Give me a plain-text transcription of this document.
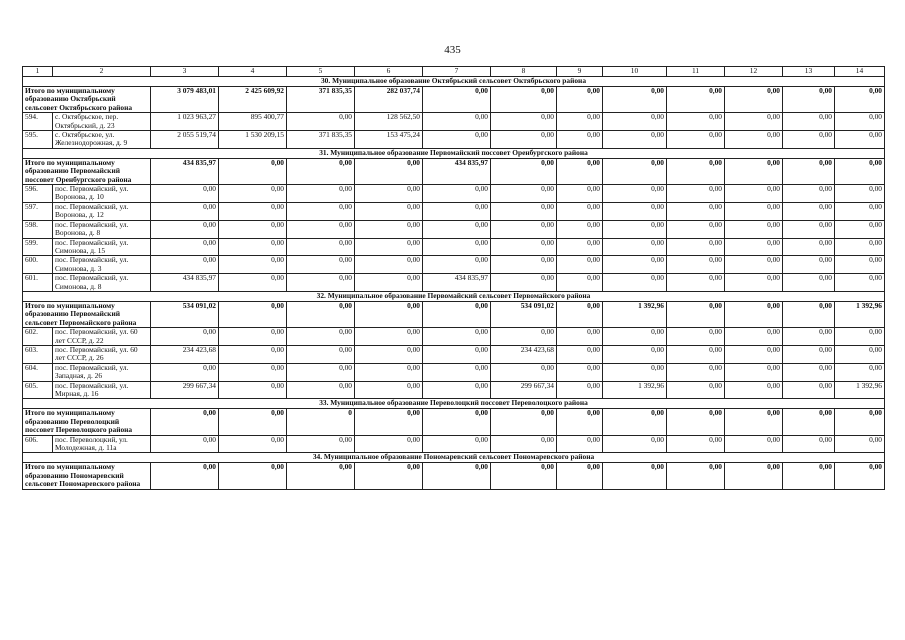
435
1	2	3	4	5	6	7	8	9	10	11	12	13	14
30. Муниципальное образование Октябрьский сельсовет Октябрьского района													
Итого по муниципальному образованию Октябрьский сельсовет Октябрьского района		3 079 483,01	2 425 609,92	371 835,35	282 037,74	0,00	0,00	0,00	0,00	0,00	0,00	0,00	0,00
594.	с. Октябрьское, пер. Октябрьский, д. 23	1 023 963,27	895 400,77	0,00	128 562,50	0,00	0,00	0,00	0,00	0,00	0,00	0,00	0,00
595.	с. Октябрьское, ул. Железнодорожная, д. 9	2 055 519,74	1 530 209,15	371 835,35	153 475,24	0,00	0,00	0,00	0,00	0,00	0,00	0,00	0,00
31. Муниципальное образование Первомайский поссовет Оренбургского района													
Итого по муниципальному образованию Первомайский поссовет Оренбургского района		434 835,97	0,00	0,00	0,00	434 835,97	0,00	0,00	0,00	0,00	0,00	0,00	0,00
596.	пос. Первомайский, ул. Воронова, д. 10	0,00	0,00	0,00	0,00	0,00	0,00	0,00	0,00	0,00	0,00	0,00	0,00
597.	пос. Первомайский, ул. Воронова, д. 12	0,00	0,00	0,00	0,00	0,00	0,00	0,00	0,00	0,00	0,00	0,00	0,00
598.	пос. Первомайский, ул. Воронова, д. 8	0,00	0,00	0,00	0,00	0,00	0,00	0,00	0,00	0,00	0,00	0,00	0,00
599.	пос. Первомайский, ул. Симонова, д. 15	0,00	0,00	0,00	0,00	0,00	0,00	0,00	0,00	0,00	0,00	0,00	0,00
600.	пос. Первомайский, ул. Симонова, д. 3	0,00	0,00	0,00	0,00	0,00	0,00	0,00	0,00	0,00	0,00	0,00	0,00
601.	пос. Первомайский, ул. Симонова, д. 8	434 835,97	0,00	0,00	0,00	434 835,97	0,00	0,00	0,00	0,00	0,00	0,00	0,00
32. Муниципальное образование Первомайский сельсовет Первомайского района													
Итого по муниципальному образованию Первомайский сельсовет Первомайского района		534 091,02	0,00	0,00	0,00	0,00	534 091,02	0,00	1 392,96	0,00	0,00	0,00	1 392,96
602.	пос. Первомайский, ул. 60 лет СССР, д. 22	0,00	0,00	0,00	0,00	0,00	0,00	0,00	0,00	0,00	0,00	0,00	0,00
603.	пос. Первомайский, ул. 60 лет СССР, д. 26	234 423,68	0,00	0,00	0,00	0,00	234 423,68	0,00	0,00	0,00	0,00	0,00	0,00
604.	пос. Первомайский, ул. Западная, д. 26	0,00	0,00	0,00	0,00	0,00	0,00	0,00	0,00	0,00	0,00	0,00	0,00
605.	пос. Первомайский, ул. Мирная, д. 16	299 667,34	0,00	0,00	0,00	0,00	299 667,34	0,00	1 392,96	0,00	0,00	0,00	1 392,96
33. Муниципальное образование Переволоцкий поссовет Переволоцкого района													
Итого по муниципальному образованию Переволоцкий поссовет Переволоцкого района		0,00	0,00	0	0,00	0,00	0,00	0,00	0,00	0,00	0,00	0,00	0,00
606.	пос. Переволоцкий, ул. Молодежная, д. 11а	0,00	0,00	0,00	0,00	0,00	0,00	0,00	0,00	0,00	0,00	0,00	0,00
34. Муниципальное образование Пономаревский сельсовет Пономаревского района													
Итого по муниципальному образованию Пономаревский сельсовет Пономаревского района		0,00	0,00	0,00	0,00	0,00	0,00	0,00	0,00	0,00	0,00	0,00	0,00
